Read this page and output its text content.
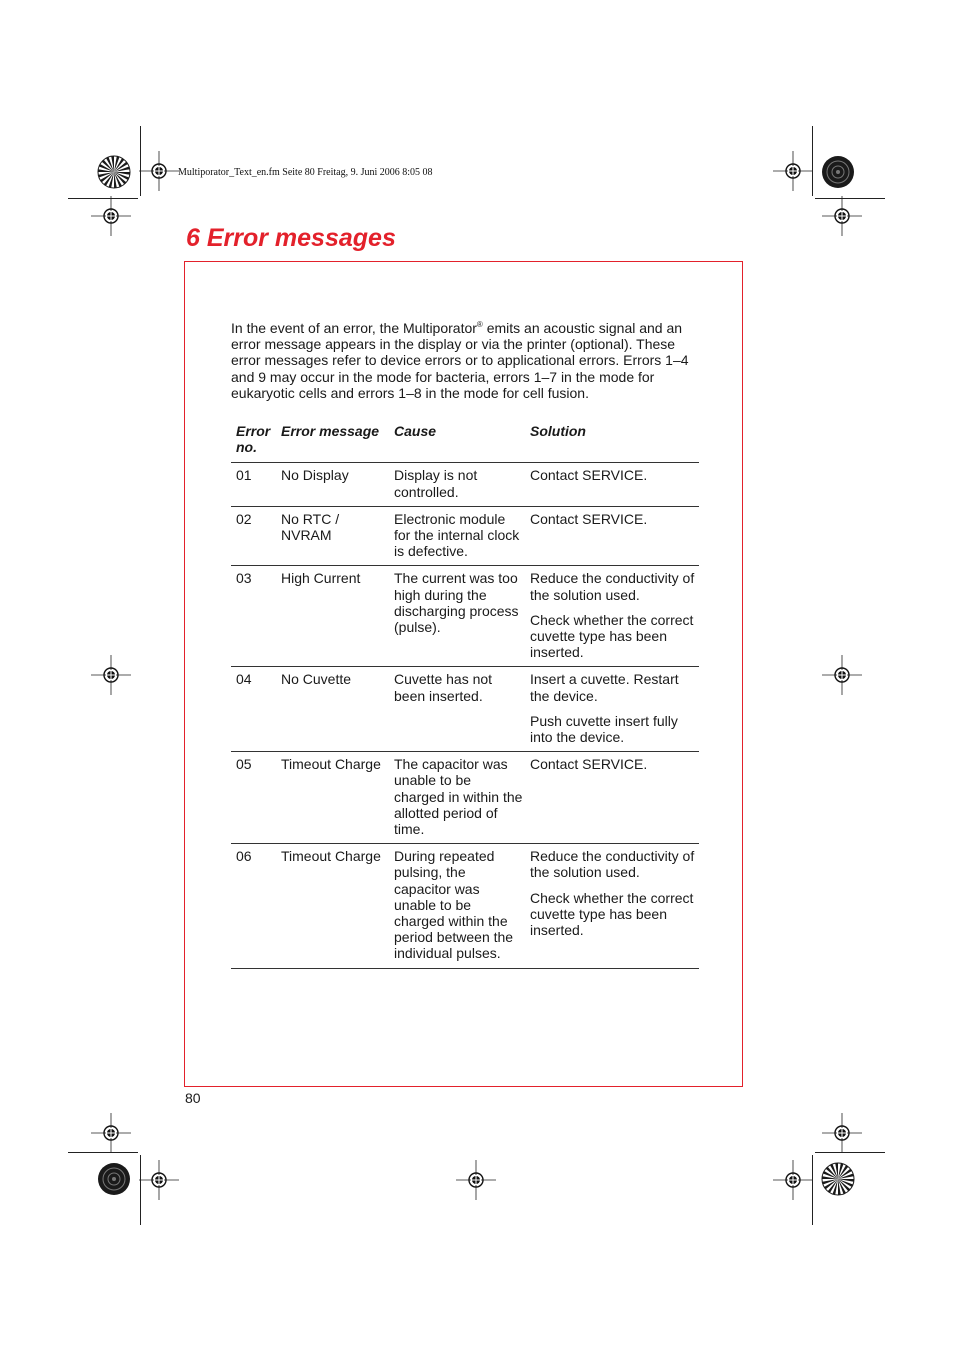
Multiporator_Text_en.fm Seite 80 Freitag, 9. Juni 2006 8:05 08
6 Error messages

In the event of an error, the Multiporator® emits an acoustic signal and an error message appears in the display or via the printer (optional). These error messages refer to device errors or to applicational errors. Errors 1–4 and 9 may occur in the mode for bacteria, errors 1–7 in the mode for eukaryotic cells and errors 1–8 in the mode for cell fusion.

Error no.	Error message	Cause	Solution
01	No Display	Display is not controlled.	Contact SERVICE.

02	No RTC / NVRAM	Electronic module for the internal clock is defective.	Contact SERVICE.

03	High Current	The current was too high during the discharging process (pulse).	Reduce the conductivity of the solution used.

Check whether the correct cuvette type has been inserted.

04	No Cuvette	Cuvette has not been inserted.	Insert a cuvette. Restart the device.

Push cuvette insert fully into the device.

05	Timeout Charge	The capacitor was unable to be charged in within the allotted period of time.	Contact SERVICE.

06	Timeout Charge	During repeated pulsing, the capacitor was unable to be charged within the period between the individual pulses.	Reduce the conductivity of the solution used.

Check whether the correct cuvette type has been inserted.

80
